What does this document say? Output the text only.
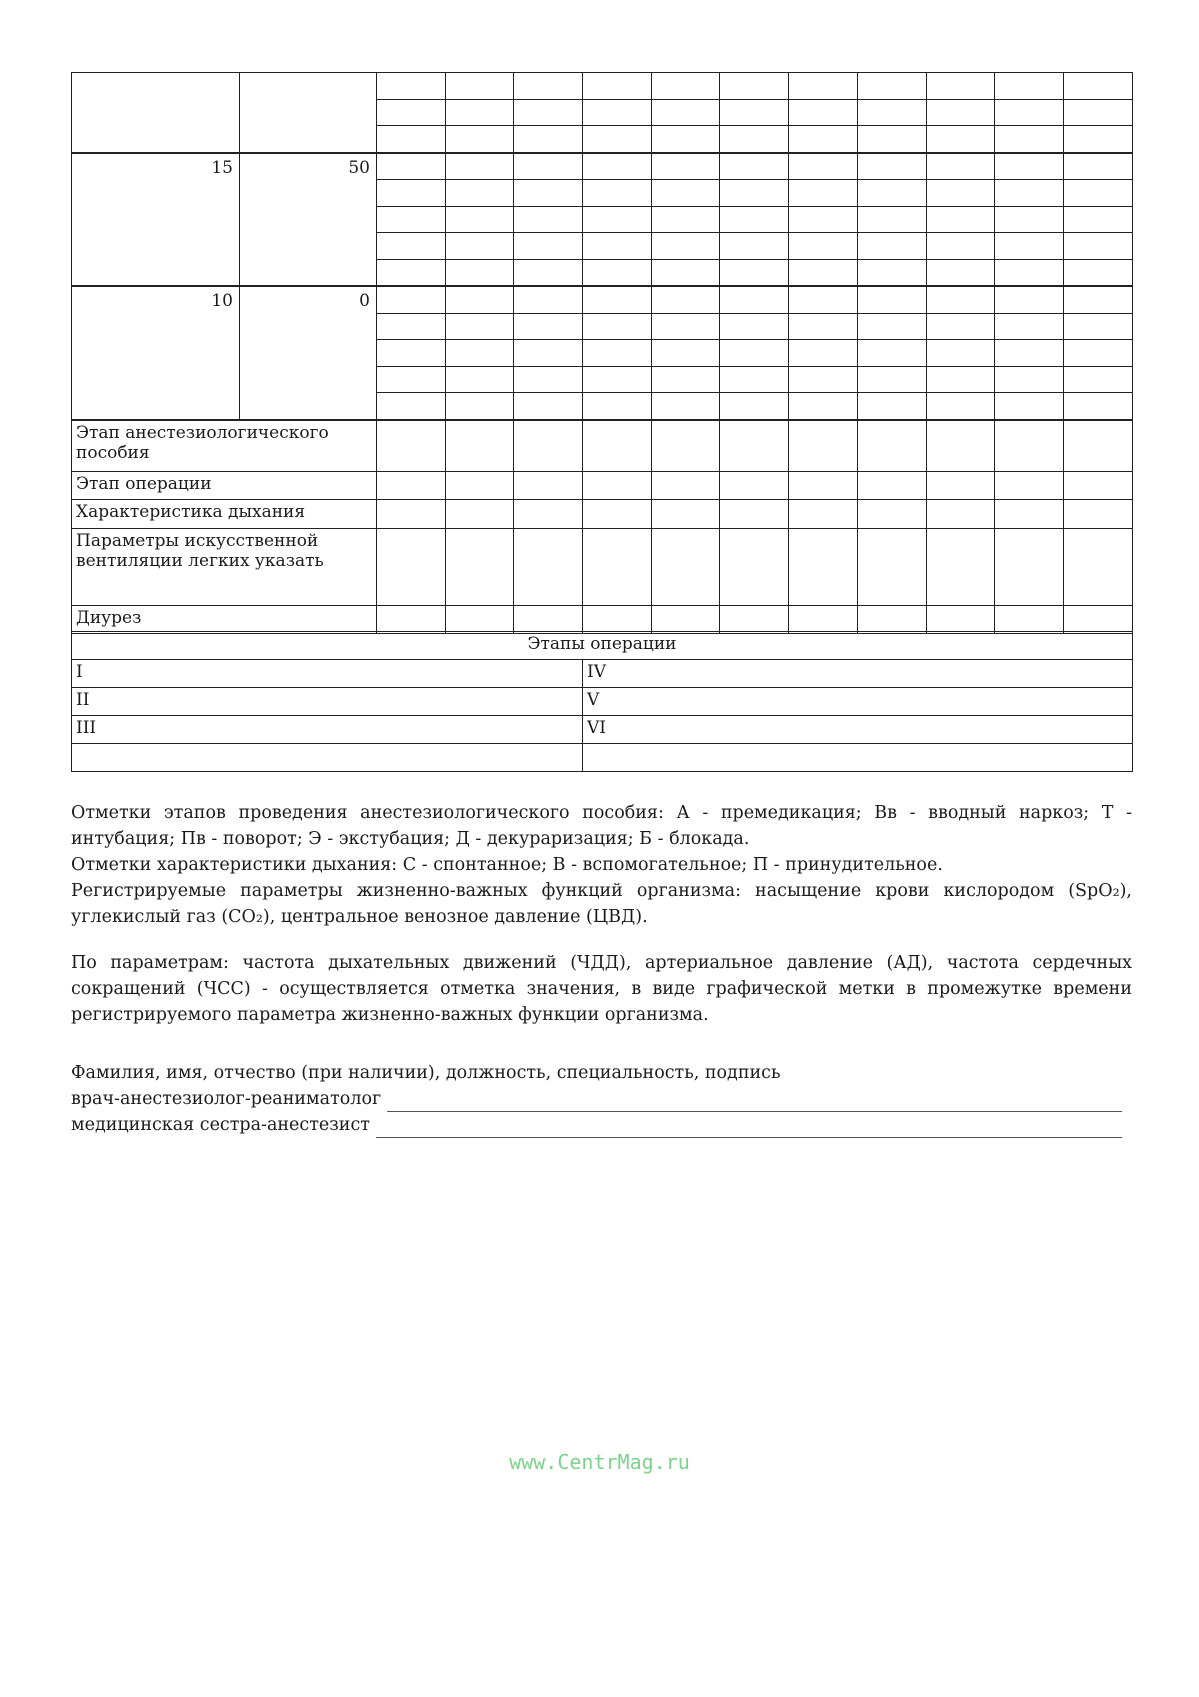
15	50											

10	0											

Этап анестезиологического пособия												
Этап операции												
Характеристика дыхания												
Параметры искусственной вентиляции легких указать												
Диурез												
Этапы операции	
I	IV
II	V
III	VI

Отметки этапов проведения анестезиологического пособия: А - премедикация; Вв - вводный наркоз; Т - интубация; Пв - поворот; Э - экстубация; Д - декураризация; Б - блокада.

Отметки характеристики дыхания: С - спонтанное; В - вспомогательное; П - принудительное.

Регистрируемые параметры жизненно-важных функций организма: насыщение крови кислородом (SpO₂), углекислый газ (CO₂), центральное венозное давление (ЦВД).

По параметрам: частота дыхательных движений (ЧДД), артериальное давление (АД), частота сердечных сокращений (ЧСС) - осуществляется отметка значения, в виде графической метки в промежутке времени регистрируемого параметра жизненно-важных функции организма.

Фамилия, имя, отчество (при наличии), должность, специальность, подпись
врач-анестезиолог-реаниматолог
медицинская сестра-анестезист
www.CentrMag.ru
